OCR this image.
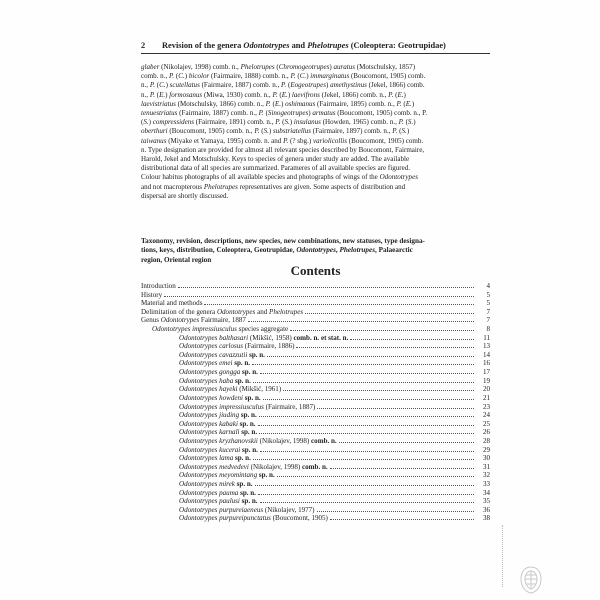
2 Revision of the genera Odontotrypes and Phelotrupes (Coleoptera: Geotrupidae)
glaber (Nikolajev, 1998) comb. n., Phelotrupes (Chromogeotrupes) auratus (Motschulsky, 1857)
comb. n., P. (C.) bicolor (Fairmaire, 1888) comb. n., P. (C.) immarginatus (Boucomont, 1905) comb.
n., P. (C.) scutellatus (Fairmaire, 1887) comb. n., P. (Eogeotrupes) amethystinus (Jekel, 1866) comb.
n., P. (E.) formosanus (Miwa, 1930) comb. n., P. (E.) laevifrons (Jekel, 1866) comb. n., P. (E.)
laevistriatus (Motschulsky, 1866) comb. n., P. (E.) oshimanus (Fairmaire, 1895) comb. n., P. (E.)
tenuestriatus (Fairmaire, 1887) comb. n., P. (Sinogeotrupes) armatus (Boucomont, 1905) comb. n., P.
(S.) compressidens (Fairmaire, 1891) comb. n., P. (S.) insulanus (Howden, 1965) comb. n., P. (S.)
oberthuri (Boucomont, 1905) comb. n., P. (S.) substriatellus (Fairmaire, 1897) comb. n., P. (S.)
taiwanus (Miyake et Yamaya, 1995) comb. n. and P. (? sbg.) variolicollis (Boucomont, 1905) comb.
n. Type designation are provided for almost all relevant species described by Boucomont, Fairmaire,
Harold, Jekel and Motschulsky. Keys to species of genera under study are added. The available
distributional data of all species are summarized. Parameres of all available species are figured.
Colour habitus photographs of all available species and photographs of wings of the Odontotrypes
and not macropterous Phelotrupes representatives are given. Some aspects of distribution and
dispersal are shortly discussed.
Taxonomy, revision, descriptions, new species, new combinations, new statuses, type designa-
tions, keys, distribution, Coleoptera, Geotrupidae, Odontotrypes, Phelotrupes, Palaearctic
region, Oriental region
Contents
Introduction	4
History	5
Material and methods	5
Delimitation of the genera Odontotrypes and Phelotrupes	7
Genus Odontotrypes Fairmaire, 1887	7
Odontotrypes impressiusculus species aggregate	8
Odontotrypes balthasari (Mikšić, 1958) comb. n. et stat. n.	11
Odontotrypes carlosus (Fairmaire, 1886)	13
Odontotrypes cavazzutii sp. n.	14
Odontotrypes emei sp. n.	16
Odontotrypes gongga sp. n.	17
Odontotrypes haba sp. n.	19
Odontotrypes hayeki (Mikšić, 1961)	20
Odontotrypes howdeni sp. n.	21
Odontotrypes impressiusculus (Fairmaire, 1887)	23
Odontotrypes jiuding sp. n.	24
Odontotrypes kabaki sp. n.	25
Odontotrypes karnali sp. n.	26
Odontotrypes kryzhanovskii (Nikolajev, 1998) comb. n.	28
Odontotrypes kucerai sp. n.	29
Odontotrypes lama sp. n.	30
Odontotrypes medvedevi (Nikolajev, 1998) comb. n.	31
Odontotrypes meyomintang sp. n.	32
Odontotrypes mirek sp. n.	33
Odontotrypes pauma sp. n.	34
Odontotrypes paulusi sp. n.	35
Odontotrypes purpureiaeneus (Nikolajev, 1977)	36
Odontotrypes purpureipunctatus (Boucomont, 1905)	38
